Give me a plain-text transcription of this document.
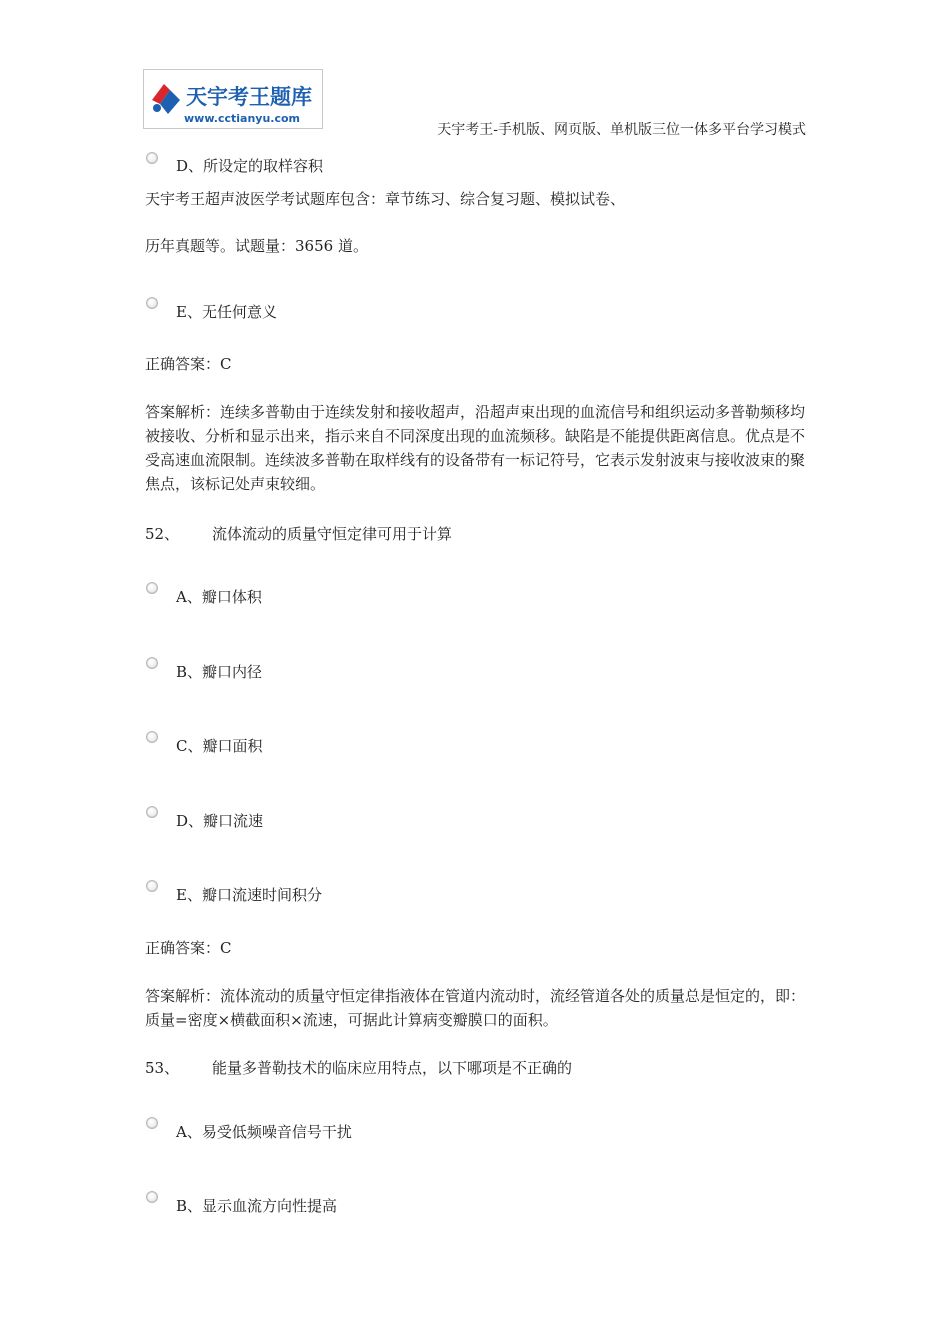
天宇考王题库
www.cctianyu.com
天宇考王-手机版、网页版、单机版三位一体多平台学习模式
D、所设定的取样容积
天宇考王超声波医学考试题库包含：章节练习、综合复习题、模拟试卷、
历年真题等。试题量：3656 道。
E、无任何意义
正确答案：C
答案解析：连续多普勒由于连续发射和接收超声，沿超声束出现的血流信号和组织运动多普勒频移均被接收、分析和显示出来，指示来自不同深度出现的血流频移。缺陷是不能提供距离信息。优点是不受高速血流限制。连续波多普勒在取样线有的设备带有一标记符号，它表示发射波束与接收波束的聚焦点，该标记处声束较细。
52、 流体流动的质量守恒定律可用于计算
A、瓣口体积
B、瓣口内径
C、瓣口面积
D、瓣口流速
E、瓣口流速时间积分
正确答案：C
答案解析：流体流动的质量守恒定律指液体在管道内流动时，流经管道各处的质量总是恒定的，即：质量=密度×横截面积×流速，可据此计算病变瓣膜口的面积。
53、 能量多普勒技术的临床应用特点，以下哪项是不正确的
A、易受低频噪音信号干扰
B、显示血流方向性提高
